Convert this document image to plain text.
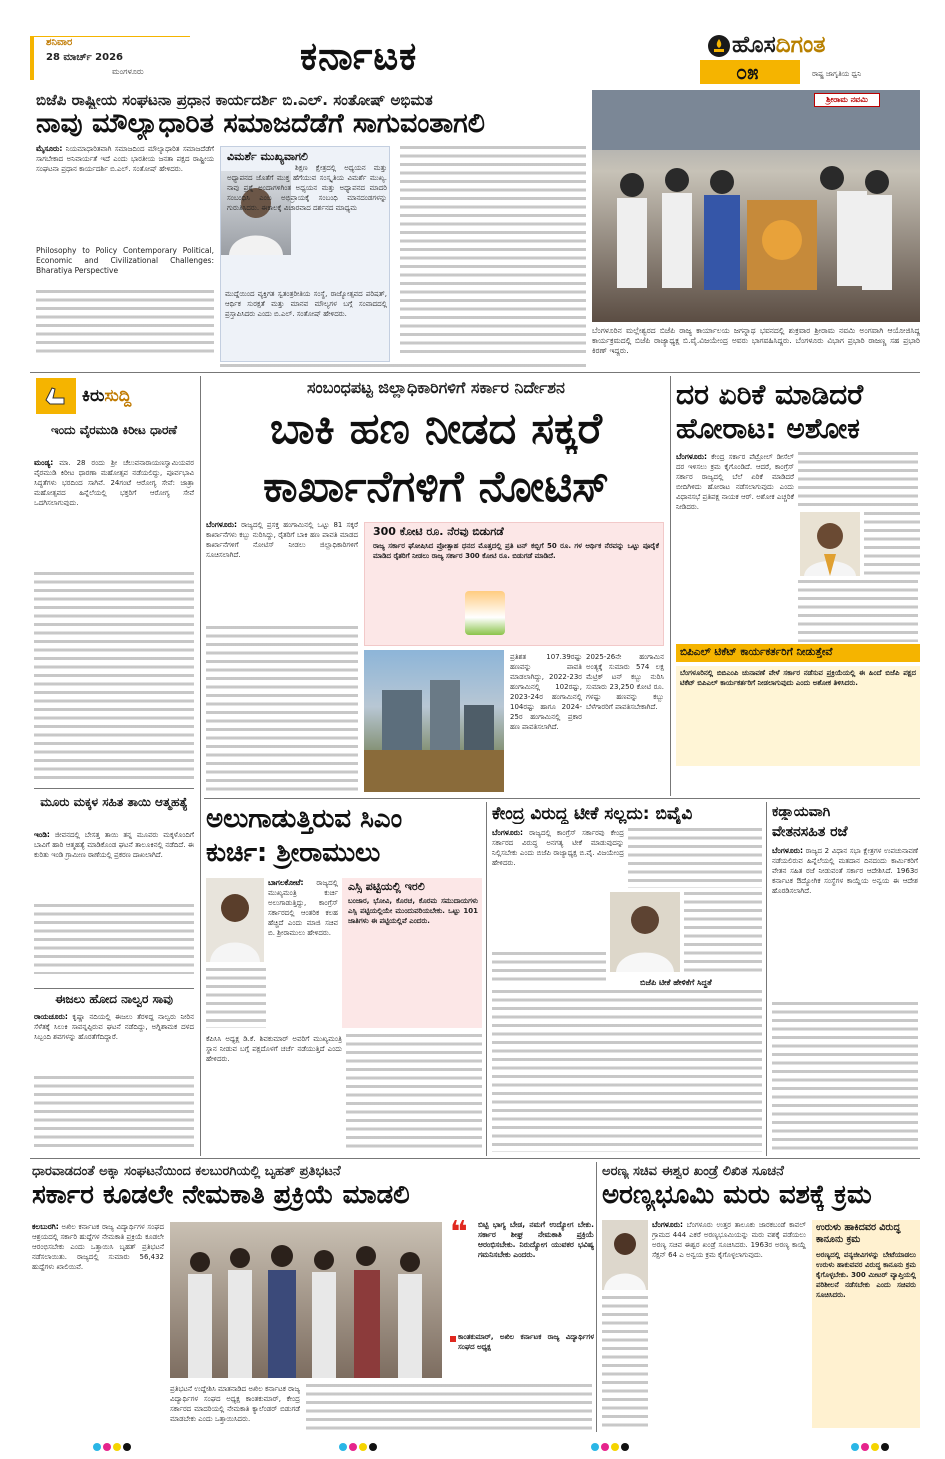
ಶನಿವಾರ
28 ಮಾರ್ಚ್ 2026
ಮಂಗಳೂರು	ಕರ್ನಾಟಕ	ಹೊಸದಿಗಂತ
೦೫	ರಾಷ್ಟ್ರ ಜಾಗೃತಿಯ ಧ್ವನಿ
ಬಿಜೆಪಿ ರಾಷ್ಟ್ರೀಯ ಸಂಘಟನಾ ಪ್ರಧಾನ ಕಾರ್ಯದರ್ಶಿ ಬಿ.ಎಲ್. ಸಂತೋಷ್ ಅಭಿಮತ
ನಾವು ಮೌಲ್ಯಾಧಾರಿತ ಸಮಾಜದೆಡೆಗೆ ಸಾಗುವಂತಾಗಲಿ
ಮೈಸೂರು: ನಿಯಮಾಧಾರಿತವಾಗಿ ಸಮಾಜದಿಂದ ಮೌಲ್ಯಾಧಾರಿತ ಸಮಾಜದೆಡೆಗೆ ಸಾಗಬೇಕಾದ ಅನಿವಾರ್ಯತೆ ಇದೆ ಎಂದು ಭಾರತೀಯ ಜನತಾ ಪಕ್ಷದ ರಾಷ್ಟ್ರೀಯ ಸಂಘಟನಾ ಪ್ರಧಾನ ಕಾರ್ಯದರ್ಶಿ ಬಿ.ಎಲ್. ಸಂತೋಷ್ ಹೇಳಿದರು.
Philosophy to Policy Contemporary Political, Economic and Civilizational Challenges: Bharatiya Perspective
ವಿಮರ್ಶೆ ಮುಖ್ಯವಾಗಲಿ
ಶಿಕ್ಷಣ ಕ್ಷೇತ್ರದಲ್ಲಿ ಅಧ್ಯಯನ ಮತ್ತು ಅಧ್ಯಾಪನದ ಜೊತೆಗೆ ಮುಕ್ತ ಹೆಗೆಯುವ ಸಂಸ್ಕೃತಿಯ ವಿಮರ್ಶೆ ಮುಖ್ಯ. ನಾವು ಪ್ರಶ್ನೆ ಅಂದಾಗಳಿಗಿಂತ ಅಧ್ಯಯನ ಮತ್ತು ಅಧ್ಯಾಪನದ ಮಾದರಿ ಸಂಬಂಧಿಸಿ ಎಂಬ ಅಭಿಪ್ರಾಯಕ್ಕೆ ಸಂಬಂಧಿ ಮಾನದಂಡಗಳನ್ನು ಗುರುತಿಸಿದರು. ಈಕಾಲಕ್ಕೆ ವಿಚಾರವಾದ ದರ್ಶನದ ಮಾಧ್ಯಮ
ಮುದ್ದೆಯಿಂದ ವ್ಯಕ್ತಿಗತ ಸ್ವತಂತ್ರರೀತಿಯ ಸಂಸ್ಥೆ, ರಾಜ್ಯೋತ್ಸವದ ಪರಿಷತ್, ಆರ್ಥಿಕ ಸುರಕ್ಷತೆ ಮತ್ತು ಮಾನವ ಮೌಲ್ಯಗಳ ಬಗ್ಗೆ ಸಂವಾದದಲ್ಲಿ ಪ್ರಸ್ತಾಪಿಸಿದರು ಎಂದು ಬಿ.ಎಲ್. ಸಂತೋಷ್ ಹೇಳಿದರು.
ಶ್ರೀರಾಮ ನವಮಿ
ಬೆಂಗಳೂರಿನ ಮಲ್ಲೇಶ್ವರದ ಬಿಜೆಪಿ ರಾಜ್ಯ ಕಾರ್ಯಾಲಯ ಜಗನ್ನಾಥ ಭವನದಲ್ಲಿ ಶುಕ್ರವಾರ ಶ್ರೀರಾಮ ನವಮಿ ಅಂಗವಾಗಿ ಆಯೋಜಿಸಿದ್ದ ಕಾರ್ಯಕ್ರಮದಲ್ಲಿ ಬಿಜೆಪಿ ರಾಜ್ಯಾಧ್ಯಕ್ಷ ಬಿ.ವೈ.ವಿಜಯೇಂದ್ರ ಅವರು ಭಾಗವಹಿಸಿದ್ದರು. ಬೆಂಗಳೂರು ವಿಭಾಗ ಪ್ರಭಾರಿ ರಾಜಣ್ಣ ಸಹ ಪ್ರಭಾರಿ ಕಿರಣ್ ಇದ್ದರು.
ಕಿರುಸುದ್ದಿ
ಇಂದು ವೈರಮುಡಿ ಕಿರೀಟ ಧಾರಣೆ
ಮಂಡ್ಯ: ಮಾ. 28 ರಂದು ಶ್ರೀ ಚೆಲುವನಾರಾಯಣಸ್ವಾಮಿಯವರ ವೈರಮುಡಿ ಕಿರೀಟ ಧಾರಣಾ ಮಹೋತ್ಸವ ನಡೆಯಲಿದ್ದು, ಪೂರ್ವಭಾವಿ ಸಿದ್ಧತೆಗಳು ಭರದಿಂದ ಸಾಗಿವೆ. 24ಗಂಟೆ ಆರೋಗ್ಯ ಸೇವೆ: ಜಾತ್ರಾ ಮಹೋತ್ಸವದ ಹಿನ್ನೆಲೆಯಲ್ಲಿ ಭಕ್ತರಿಗೆ ಆರೋಗ್ಯ ಸೇವೆ ಒದಗಿಸಲಾಗುವುದು.
ಮೂರು ಮಕ್ಕಳ ಸಹಿತ ತಾಯಿ ಆತ್ಮಹತ್ಯೆ
ಇಂಡಿ: ಜೀವನದಲ್ಲಿ ಬೇಸತ್ತ ತಾಯಿ ತನ್ನ ಮೂವರು ಮಕ್ಕಳೊಂದಿಗೆ ಬಾವಿಗೆ ಹಾರಿ ಆತ್ಮಹತ್ಯೆ ಮಾಡಿಕೊಂಡ ಘಟನೆ ತಾಲೂಕಿನಲ್ಲಿ ನಡೆದಿದೆ. ಈ ಕುರಿತು ಇಂಡಿ ಗ್ರಾಮೀಣ ಠಾಣೆಯಲ್ಲಿ ಪ್ರಕರಣ ದಾಖಲಾಗಿದೆ.
ಈಜಲು ಹೋದ ನಾಲ್ವರ ಸಾವು
ರಾಯಚೂರು: ಕೃಷ್ಣಾ ನದಿಯಲ್ಲಿ ಈಜಲು ತೆರಳಿದ್ದ ನಾಲ್ವರು ನೀರಿನ ಸೆಳೆತಕ್ಕೆ ಸಿಲುಕಿ ಸಾವನ್ನಪ್ಪಿರುವ ಘಟನೆ ನಡೆದಿದ್ದು, ಅಗ್ನಿಶಾಮಕ ದಳದ ಸಿಬ್ಬಂದಿ ಶವಗಳನ್ನು ಹೊರತೆಗೆದಿದ್ದಾರೆ.
ಸಂಬಂಧಪಟ್ಟ ಜಿಲ್ಲಾಧಿಕಾರಿಗಳಿಗೆ ಸರ್ಕಾರ ನಿರ್ದೇಶನ
ಬಾಕಿ ಹಣ ನೀಡದ ಸಕ್ಕರೆ
ಕಾರ್ಖಾನೆಗಳಿಗೆ ನೋಟಿಸ್
ಬೆಂಗಳೂರು: ರಾಜ್ಯದಲ್ಲಿ ಪ್ರಸಕ್ತ ಹಂಗಾಮಿನಲ್ಲಿ ಒಟ್ಟು 81 ಸಕ್ಕರೆ ಕಾರ್ಖಾನೆಗಳು ಕಬ್ಬು ನುರಿಸಿದ್ದು, ರೈತರಿಗೆ ಬಾಕಿ ಹಣ ಪಾವತಿ ಮಾಡದ ಕಾರ್ಖಾನೆಗಳಿಗೆ ನೋಟಿಸ್ ನೀಡಲು ಜಿಲ್ಲಾಧಿಕಾರಿಗಳಿಗೆ ಸೂಚಿಸಲಾಗಿದೆ.
300 ಕೋಟಿ ರೂ. ನೆರವು ಬಿಡುಗಡೆ
ರಾಜ್ಯ ಸರ್ಕಾರ ಘೋಷಿಸಿದ ಪ್ರೋತ್ಸಾಹ ಧನದ ಮೊತ್ತದಲ್ಲಿ ಪ್ರತಿ ಟನ್ ಕಬ್ಬಿಗೆ 50 ರೂ. ಗಳ ಆರ್ಥಿಕ ನೆರವನ್ನು ಒಟ್ಟು ಪೂರೈಕೆ ಮಾಡಿದ ರೈತರಿಗೆ ನೀಡಲು ರಾಜ್ಯ ಸರ್ಕಾರ 300 ಕೋಟಿ ರೂ. ಬಿಡುಗಡೆ ಮಾಡಿದೆ.
ಪ್ರತಿಶತ 107.39ರಷ್ಟು ಹಣವನ್ನು ಪಾವತಿ ಮಾಡಲಾಗಿದ್ದು, 2022-23ರ ಹಂಗಾಮಿನಲ್ಲಿ 102ರಷ್ಟು, 2023-24ರ ಹಂಗಾಮಿನಲ್ಲಿ 104ರಷ್ಟು ಹಾಗೂ 2024-25ರ ಹಂಗಾಮಿನಲ್ಲಿ ಪ್ರಕಾರ ಹಣ ಪಾವತಿಸಲಾಗಿದೆ.
2025-26ನೇ ಹಂಗಾಮಿನ ಅಂತ್ಯಕ್ಕೆ ಸುಮಾರು 574 ಲಕ್ಷ ಮೆಟ್ರಿಕ್ ಟನ್ ಕಬ್ಬು ನುರಿಸಿ ಸುಮಾರು 23,250 ಕೋಟಿ ರೂ. ಗಳಷ್ಟು ಹಣವನ್ನು ಕಬ್ಬು ಬೆಳೆಗಾರರಿಗೆ ಪಾವತಿಸಬೇಕಾಗಿದೆ.
ದರ ಏರಿಕೆ ಮಾಡಿದರೆ
ಹೋರಾಟ: ಅಶೋಕ
ಬೆಂಗಳೂರು: ಕೇಂದ್ರ ಸರ್ಕಾರ ಪೆಟ್ರೋಲ್ ಡೀಸೆಲ್ ದರ ಇಳಿಸಲು ಕ್ರಮ ಕೈಗೊಂಡಿದೆ. ಆದರೆ, ಕಾಂಗ್ರೆಸ್ ಸರ್ಕಾರ ರಾಜ್ಯದಲ್ಲಿ ಬೆಲೆ ಏರಿಕೆ ಮಾಡಿದರೆ ಬೀದಿಗಿಳಿದು ಹೋರಾಟ ನಡೆಸಲಾಗುವುದು ಎಂದು ವಿಧಾನಸಭೆ ಪ್ರತಿಪಕ್ಷ ನಾಯಕ ಆರ್. ಅಶೋಕ ಎಚ್ಚರಿಕೆ ನೀಡಿದರು.
ಬಿಪಿಎಲ್ ಟಿಕೆಟ್ ಕಾರ್ಯಕರ್ತರಿಗೆ ನೀಡುತ್ತೇವೆ
ಬೆಂಗಳೂರಿನಲ್ಲಿ ಬಿಬಿಎಂಪಿ ಚುನಾವಣೆ ವೇಳೆ ಸರ್ಕಾರ ನಡೆಸುವ ಪ್ರಕ್ರಿಯೆಯಲ್ಲಿ ಈ ಹಿಂದೆ ಬಿಜೆಪಿ ಪಕ್ಷದ ಟಿಕೆಟ್ ಬಿಪಿಎಲ್ ಕಾರ್ಯಕರ್ತರಿಗೆ ನೀಡಲಾಗುವುದು ಎಂದು ಅಶೋಕ ತಿಳಿಸಿದರು.
ಅಲುಗಾಡುತ್ತಿರುವ ಸಿಎಂ
ಕುರ್ಚಿ: ಶ್ರೀರಾಮುಲು
ಬಾಗಲಕೋಟೆ: ರಾಜ್ಯದಲ್ಲಿ ಮುಖ್ಯಮಂತ್ರಿ ಕುರ್ಚಿ ಅಲುಗಾಡುತ್ತಿದ್ದು, ಕಾಂಗ್ರೆಸ್ ಸರ್ಕಾರದಲ್ಲಿ ಆಂತರಿಕ ಕಲಹ ಹೆಚ್ಚಿದೆ ಎಂದು ಮಾಜಿ ಸಚಿವ ಬಿ. ಶ್ರೀರಾಮುಲು ಹೇಳಿದರು.
ಎಸ್ಸಿ ಪಟ್ಟಿಯಲ್ಲಿ ಇರಲಿ
ಬಂಜಾರ, ಭೋವಿ, ಕೊರಚ, ಕೊರಮ ಸಮುದಾಯಗಳು ಎಸ್ಸಿ ಪಟ್ಟಿಯಲ್ಲಿಯೇ ಮುಂದುವರಿಯಬೇಕು. ಒಟ್ಟು 101 ಜಾತಿಗಳು ಈ ಪಟ್ಟಿಯಲ್ಲಿವೆ ಎಂದರು.
ಕೆಪಿಸಿಸಿ ಅಧ್ಯಕ್ಷ ಡಿ.ಕೆ. ಶಿವಕುಮಾರ್ ಅವರಿಗೆ ಮುಖ್ಯಮಂತ್ರಿ ಸ್ಥಾನ ನೀಡುವ ಬಗ್ಗೆ ಪಕ್ಷದೊಳಗೆ ಚರ್ಚೆ ನಡೆಯುತ್ತಿದೆ ಎಂದು ಹೇಳಿದರು.
ಕೇಂದ್ರ ವಿರುದ್ಧ ಟೀಕೆ ಸಲ್ಲದು: ಬಿವೈವಿ
ಬೆಂಗಳೂರು: ರಾಜ್ಯದಲ್ಲಿ ಕಾಂಗ್ರೆಸ್ ಸರ್ಕಾರವು ಕೇಂದ್ರ ಸರ್ಕಾರದ ವಿರುದ್ಧ ಅನಗತ್ಯ ಟೀಕೆ ಮಾಡುವುದನ್ನು ನಿಲ್ಲಿಸಬೇಕು ಎಂದು ಬಿಜೆಪಿ ರಾಜ್ಯಾಧ್ಯಕ್ಷ ಬಿ.ವೈ. ವಿಜಯೇಂದ್ರ ಹೇಳಿದರು.
ಬಿಜೆಪಿ ಟೀಕೆ ಹೇಳಿಕೆಗೆ ಸಿದ್ಧತೆ
ಕಡ್ಡಾಯವಾಗಿ
ವೇತನಸಹಿತ ರಜೆ
ಬೆಂಗಳೂರು: ರಾಜ್ಯದ 2 ವಿಧಾನ ಸಭಾ ಕ್ಷೇತ್ರಗಳ ಉಪಚುನಾವಣೆ ನಡೆಯಲಿರುವ ಹಿನ್ನೆಲೆಯಲ್ಲಿ ಮತದಾನ ದಿನದಂದು ಕಾರ್ಮಿಕರಿಗೆ ವೇತನ ಸಹಿತ ರಜೆ ನೀಡುವಂತೆ ಸರ್ಕಾರ ಆದೇಶಿಸಿದೆ. 1963ರ ಕರ್ನಾಟಕ ಔದ್ಯೋಗಿಕ ಸಂಸ್ಥೆಗಳ ಕಾಯ್ದೆಯ ಅನ್ವಯ ಈ ಆದೇಶ ಹೊರಡಿಸಲಾಗಿದೆ.
ಧಾರವಾಡದಂತೆ ಅಕ್ಕಾ ಸಂಘಟನೆಯಿಂದ ಕಲಬುರಗಿಯಲ್ಲಿ ಬೃಹತ್ ಪ್ರತಿಭಟನೆ
ಸರ್ಕಾರ ಕೂಡಲೇ ನೇಮಕಾತಿ ಪ್ರಕ್ರಿಯೆ ಮಾಡಲಿ
ಕಲಬುರಗಿ: ಅಖಿಲ ಕರ್ನಾಟಕ ರಾಜ್ಯ ವಿದ್ಯಾರ್ಥಿಗಳ ಸಂಘದ ಆಶ್ರಯದಲ್ಲಿ ಸರ್ಕಾರಿ ಹುದ್ದೆಗಳ ನೇಮಕಾತಿ ಪ್ರಕ್ರಿಯೆ ಕೂಡಲೇ ಆರಂಭಿಸಬೇಕು ಎಂದು ಒತ್ತಾಯಿಸಿ ಬೃಹತ್ ಪ್ರತಿಭಟನೆ ನಡೆಸಲಾಯಿತು. ರಾಜ್ಯದಲ್ಲಿ ಸುಮಾರು 56,432 ಹುದ್ದೆಗಳು ಖಾಲಿಯಿವೆ.
❝ ಬಿಟ್ಟಿ ಭಾಗ್ಯ ಬೇಡ, ನಮಗೆ ಉದ್ಯೋಗ ಬೇಕು. ಸರ್ಕಾರ ಶೀಘ್ರ ನೇಮಕಾತಿ ಪ್ರಕ್ರಿಯೆ ಆರಂಭಿಸಬೇಕು. ನಿರುದ್ಯೋಗ ಯುವಕರ ಭವಿಷ್ಯ ಗಮನಿಸಬೇಕು ಎಂದರು.
ಕಾಂತಕುಮಾರ್, ಅಖಿಲ ಕರ್ನಾಟಕ ರಾಜ್ಯ ವಿದ್ಯಾರ್ಥಿಗಳ ಸಂಘದ ಅಧ್ಯಕ್ಷ
ಪ್ರತಿಭಟನೆ ಉದ್ದೇಶಿಸಿ ಮಾತನಾಡಿದ ಅಖಿಲ ಕರ್ನಾಟಕ ರಾಜ್ಯ ವಿದ್ಯಾರ್ಥಿಗಳ ಸಂಘದ ಅಧ್ಯಕ್ಷ ಕಾಂತಕುಮಾರ್, ಕೇಂದ್ರ ಸರ್ಕಾರದ ಮಾದರಿಯಲ್ಲಿ ನೇಮಕಾತಿ ಕ್ಯಾಲೆಂಡರ್ ಬಿಡುಗಡೆ ಮಾಡಬೇಕು ಎಂದು ಒತ್ತಾಯಿಸಿದರು.
ಅರಣ್ಯ ಸಚಿವ ಈಶ್ವರ ಖಂಡ್ರೆ ಲಿಖಿತ ಸೂಚನೆ
ಅರಣ್ಯಭೂಮಿ ಮರು ವಶಕ್ಕೆ ಕ್ರಮ
ಬೆಂಗಳೂರು: ಬೆಂಗಳೂರು ಉತ್ತರ ತಾಲೂಕು ಜಾರಕಬಂಡೆ ಕಾವಲ್ ಗ್ರಾಮದ 444 ಎಕರೆ ಅರಣ್ಯಭೂಮಿಯನ್ನು ಮರು ವಶಕ್ಕೆ ಪಡೆಯಲು ಅರಣ್ಯ ಸಚಿವ ಈಶ್ವರ ಖಂಡ್ರೆ ಸೂಚಿಸಿದರು. 1963ರ ಅರಣ್ಯ ಕಾಯ್ದೆ ಸೆಕ್ಷನ್ 64 ಎ ಅನ್ವಯ ಕ್ರಮ ಕೈಗೊಳ್ಳಲಾಗುವುದು.
ಉರುಳು ಹಾಕಿದವರ ವಿರುದ್ಧ ಕಾನೂನು ಕ್ರಮ
ಅರಣ್ಯದಲ್ಲಿ ವನ್ಯಜೀವಿಗಳನ್ನು ಬೇಟೆಯಾಡಲು ಉರುಳು ಹಾಕುವವರ ವಿರುದ್ಧ ಕಾನೂನು ಕ್ರಮ ಕೈಗೊಳ್ಳಬೇಕು. 300 ಮೀಟರ್ ವ್ಯಾಪ್ತಿಯಲ್ಲಿ ಪರಿಶೀಲನೆ ನಡೆಸಬೇಕು ಎಂದು ಸಚಿವರು ಸೂಚಿಸಿದರು.
